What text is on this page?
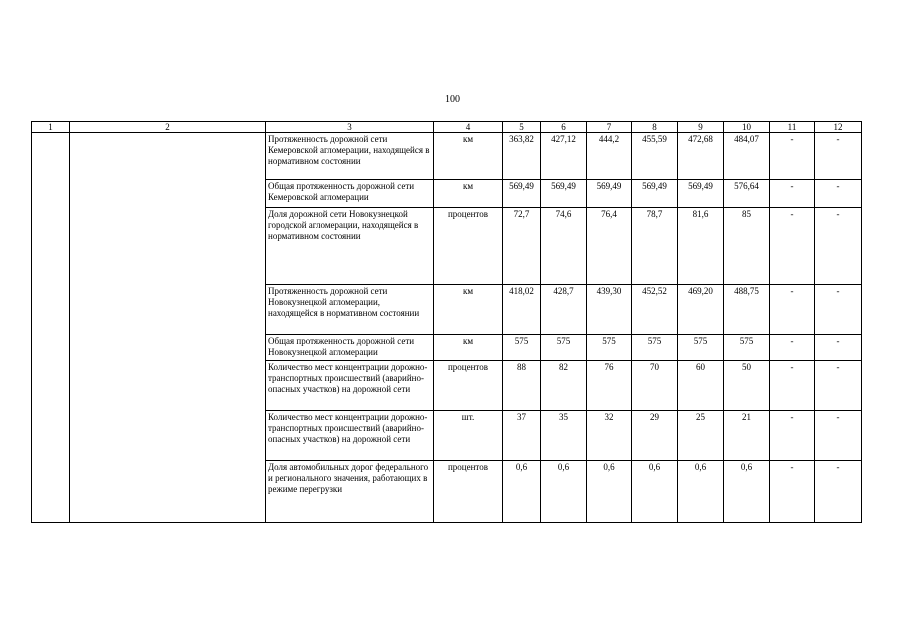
100
1	2	3	4	5	6	7	8	9	10	11	12
		Протяженность дорожной сети Кемеровской агломерации, находящейся в нормативном состоянии	км	363,82	427,12	444,2	455,59	472,68	484,07	-	-
		Общая протяженность дорожной сети Кемеровской агломерации	км	569,49	569,49	569,49	569,49	569,49	576,64	-	-
		Доля дорожной сети Новокузнецкой городской агломерации, находящейся в нормативном состоянии	процентов	72,7	74,6	76,4	78,7	81,6	85	-	-
		Протяженность дорожной сети Новокузнецкой агломерации, находящейся в нормативном состоянии	км	418,02	428,7	439,30	452,52	469,20	488,75	-	-
		Общая протяженность дорожной сети Новокузнецкой агломерации	км	575	575	575	575	575	575	-	-
		Количество мест концентрации дорожно-транспортных происшествий (аварийно-опасных участков) на дорожной сети	процентов	88	82	76	70	60	50	-	-
		Количество мест концентрации дорожно-транспортных происшествий (аварийно-опасных участков) на дорожной сети	шт.	37	35	32	29	25	21	-	-
		Доля автомобильных дорог федерального и регионального значения, работающих в режиме перегрузки	процентов	0,6	0,6	0,6	0,6	0,6	0,6	-	-
